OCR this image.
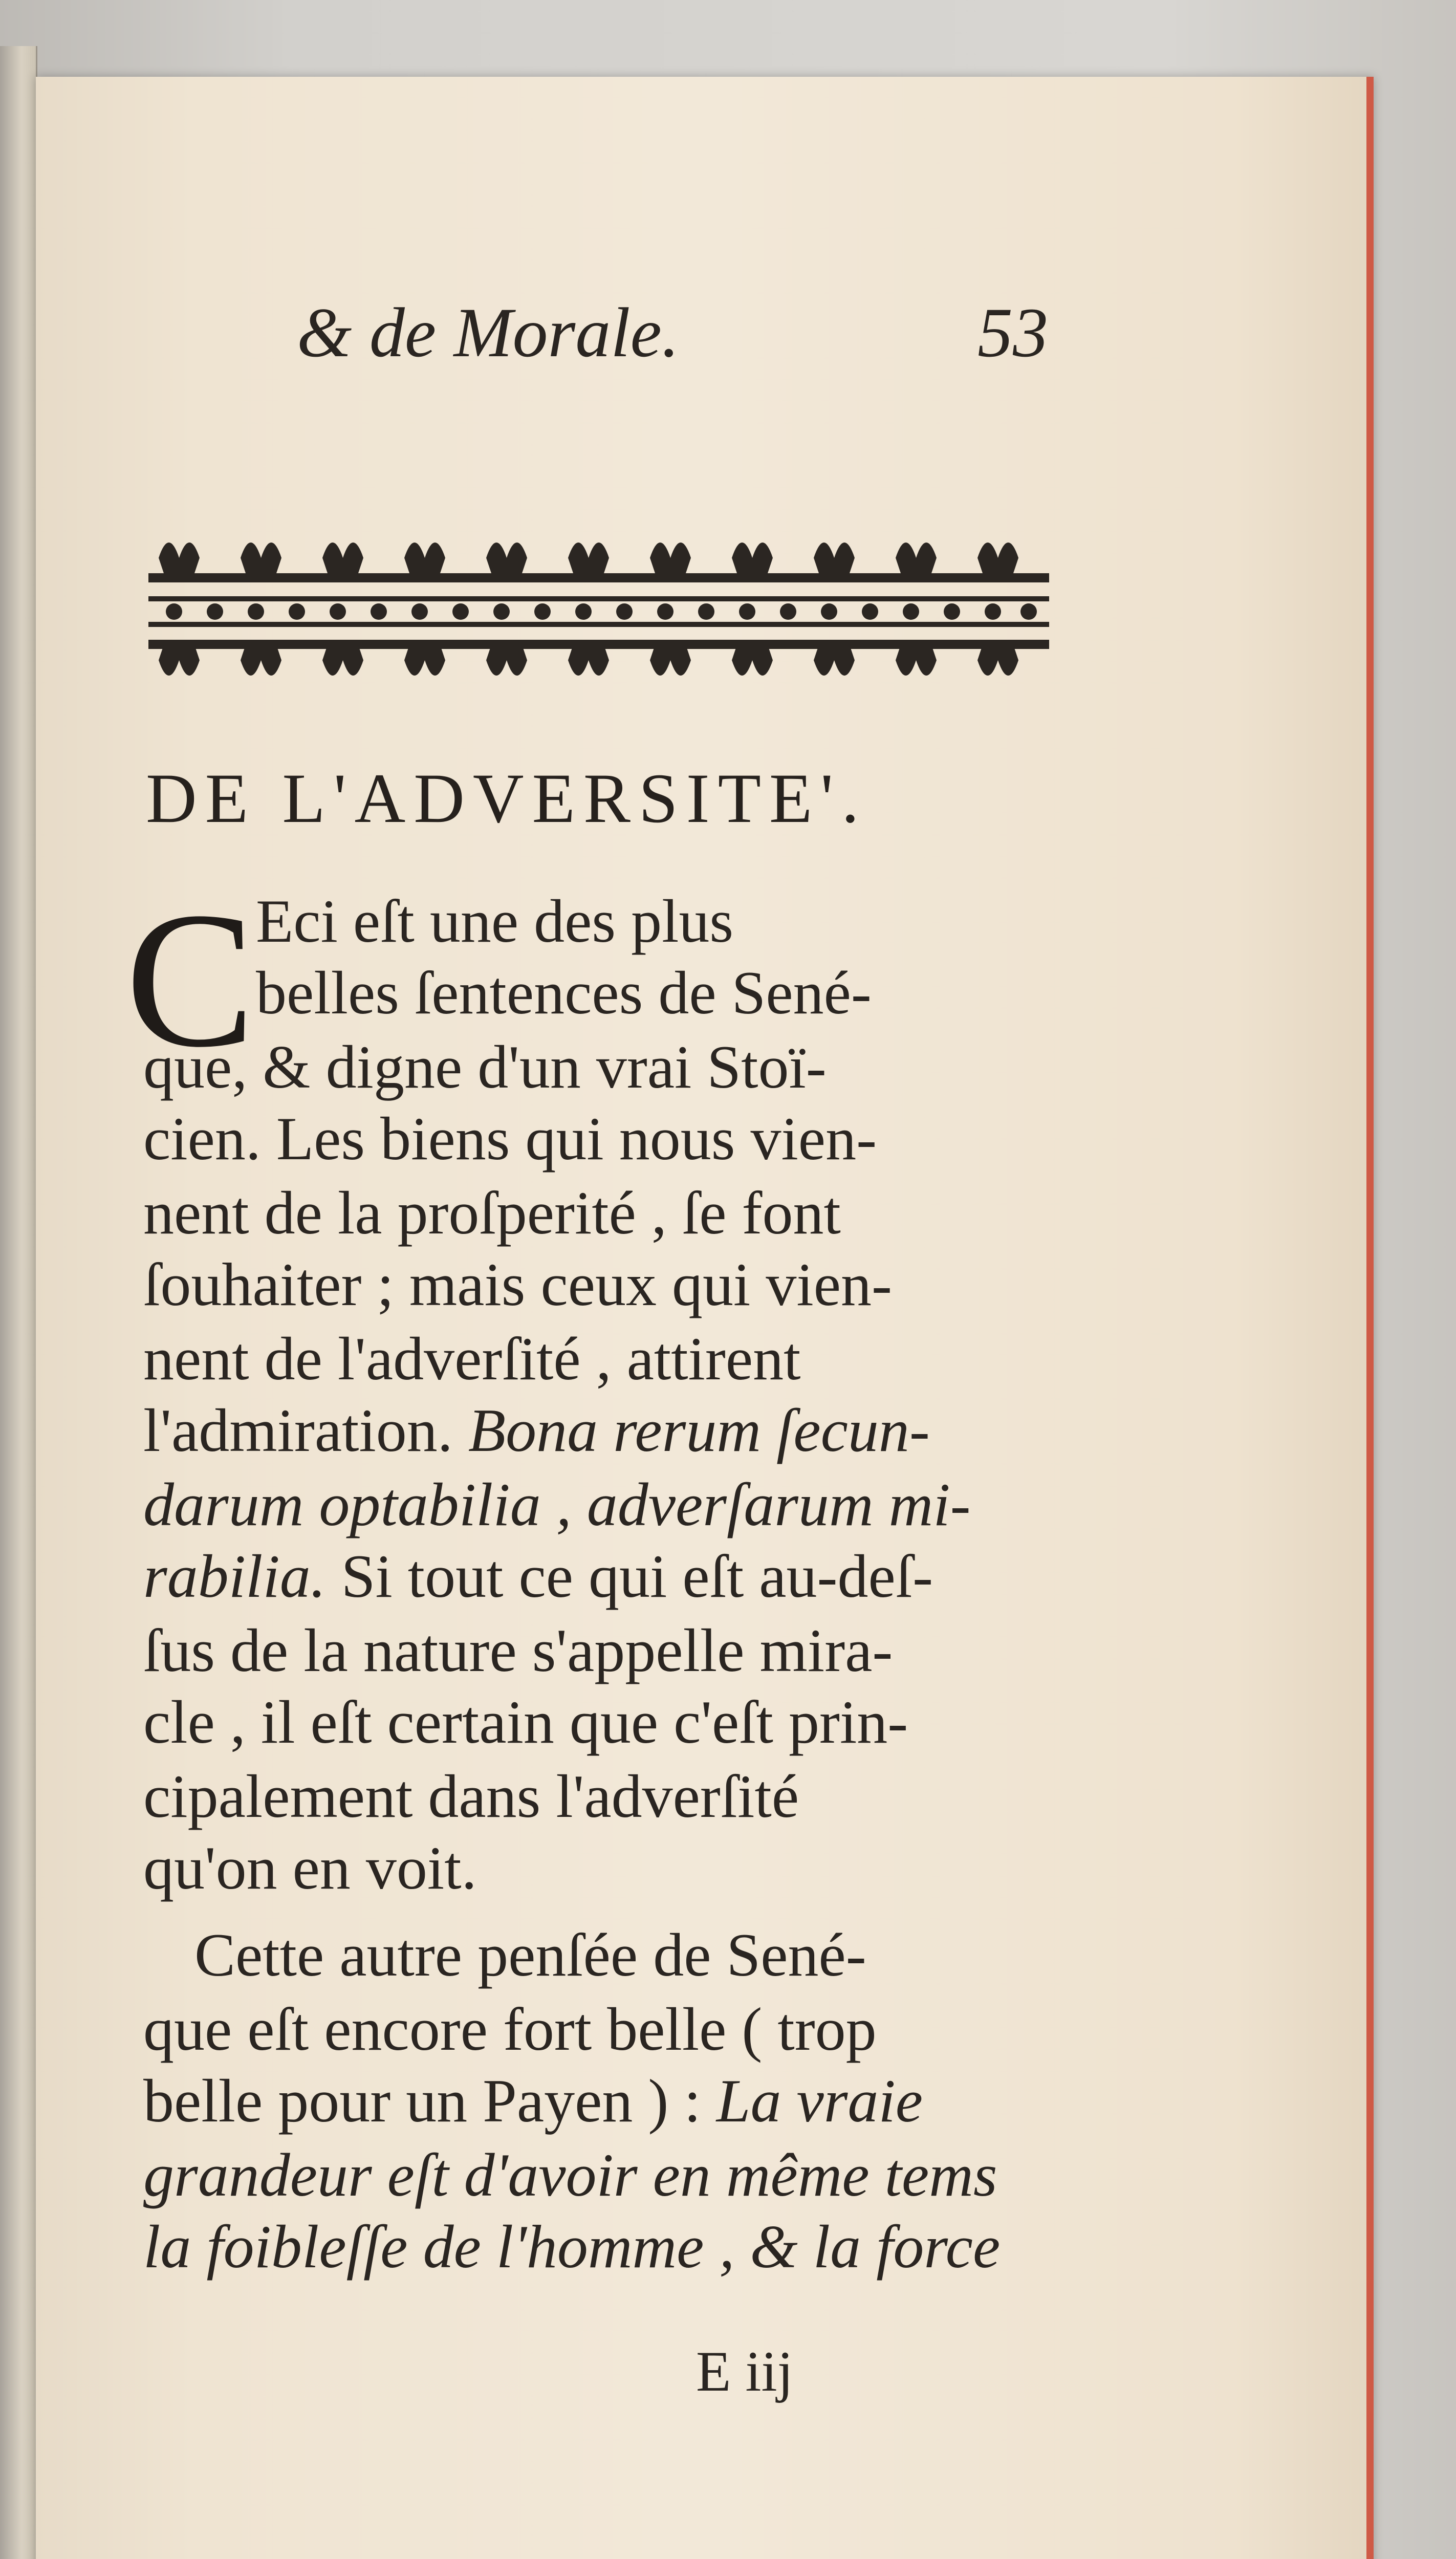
& de Morale.	53
DE L'ADVERSITE'.
C Eci eſt une des plus
belles ſentences de Sené-
que, & digne d'un vrai Stoï-
cien. Les biens qui nous vien-
nent de la proſperité , ſe font
ſouhaiter ; mais ceux qui vien-
nent de l'adverſité , attirent
l'admiration. Bona rerum ſecun-
darum optabilia , adverſarum mi-
rabilia. Si tout ce qui eſt au-deſ-
ſus de la nature s'appelle mira-
cle , il eſt certain que c'eſt prin-
cipalement dans l'adverſité
qu'on en voit.
Cette autre penſée de Sené-
que eſt encore fort belle ( trop
belle pour un Payen ) : La vraie
grandeur eſt d'avoir en même tems
la foibleſſe de l'homme , & la force
E iij
